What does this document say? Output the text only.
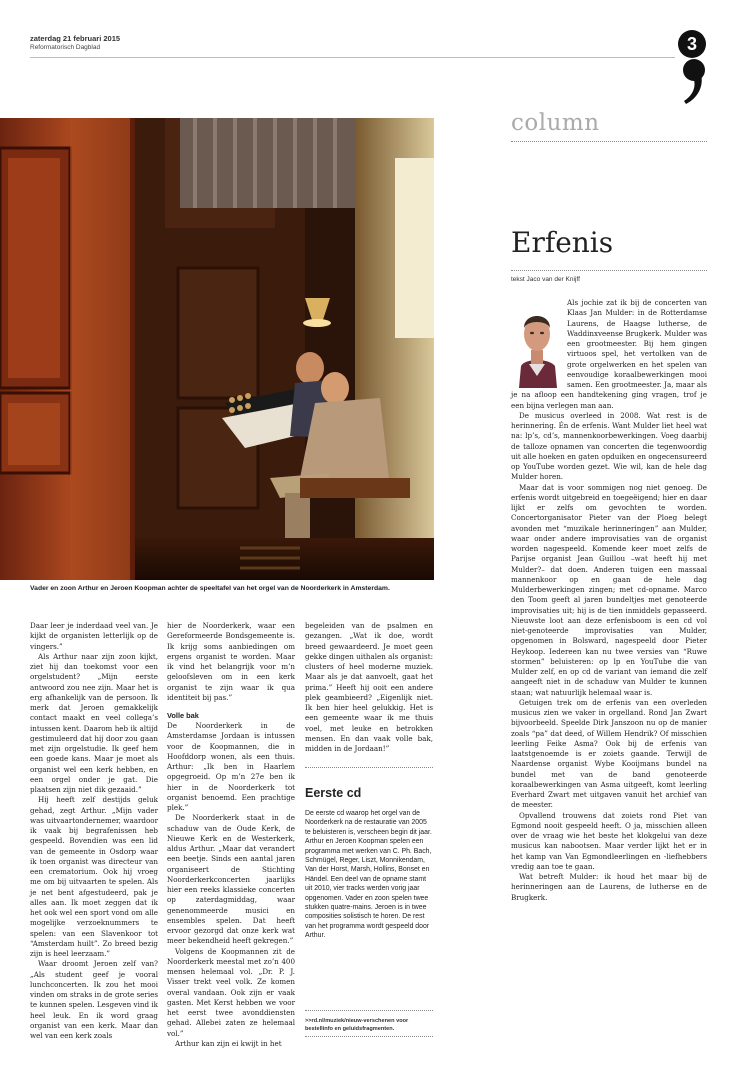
zaterdag 21 februari 2015
Reformatorisch Dagblad	3
Vader en zoon Arthur en Jeroen Koopman achter de speeltafel van het orgel van de Noorderkerk in Amsterdam.

Daar leer je inderdaad veel van. Je kijkt de organisten letterlijk op de vingers.”

Als Arthur naar zijn zoon kijkt, ziet hij dan toekomst voor een orgelstudent? „Mijn eerste antwoord zou nee zijn. Maar het is erg afhankelijk van de persoon. Ik merk dat Jeroen gemakkelijk contact maakt en veel collega’s intussen kent. Daarom heb ik altijd gestimuleerd dat hij door zou gaan met zijn orgelstudie. Ik geef hem een goede kans. Maar je moet als organist wel een kerk hebben, en een orgel onder je gat. Die plaatsen zijn niet dik gezaaid.”

Hij heeft zelf destijds geluk gehad, zegt Arthur. „Mijn vader was uitvaartondernemer, waardoor ik vaak bij begrafenissen heb gespeeld. Bovendien was een lid van de gemeente in Osdorp waar ik toen organist was directeur van een crematorium. Ook hij vroeg me om bij uitvaarten te spelen. Als je net bent afgestudeerd, pak je alles aan. Ik moet zeggen dat ik het ook wel een sport vond om alle mogelijke verzoeknummers te spelen: van een Slavenkoor tot “Amsterdam huilt”. Zo breed bezig zijn is heel leerzaam.”

Waar droomt Jeroen zelf van? „Als student geef je vooral lunchconcerten. Ik zou het mooi vinden om straks in de grote series te kunnen spelen. Lesgeven vind ik heel leuk. En ik word graag organist van een kerk. Maar dan wel van een kerk zoals

hier de Noorderkerk, waar een Gereformeerde Bondsgemeente is. Ik krijg soms aanbiedingen om ergens organist te worden. Maar ik vind het belangrijk voor m’n geloofsleven om in een kerk organist te zijn waar ik qua identiteit bij pas.”

Volle bak

De Noorderkerk in de Amsterdamse Jordaan is intussen voor de Koopmannen, die in Hoofddorp wonen, als een thuis. Arthur: „Ik ben in Haarlem opgegroeid. Op m’n 27e ben ik hier in de Noorderkerk tot organist benoemd. Een prachtige plek.”

De Noorderkerk staat in de schaduw van de Oude Kerk, de Nieuwe Kerk en de Westerkerk, aldus Arthur. „Maar dat verandert een beetje. Sinds een aantal jaren organiseert de Stichting Noorderkerkconcerten jaarlijks hier een reeks klassieke concerten op zaterdagmiddag, waar genenommeerde musici en ensembles spelen. Dat heeft ervoor gezorgd dat onze kerk wat meer bekendheid heeft gekregen.”

Volgens de Koopmannen zit de Noorderkerk meestal met zo’n 400 mensen helemaal vol. „Dr. P. J. Visser trekt veel volk. Ze komen overal vandaan. Ook zijn er vaak gasten. Met Kerst hebben we voor het eerst twee avonddiensten gehad. Allebei zaten ze helemaal vol.”

Arthur kan zijn ei kwijt in het

begeleiden van de psalmen en gezangen. „Wat ik doe, wordt breed gewaardeerd. Je moet geen gekke dingen uithalen als organist: clusters of heel moderne muziek. Maar als je dat aanvoelt, gaat het prima.” Heeft hij ooit een andere plek geambieerd? „Eigenlijk niet. Ik ben hier heel gelukkig. Het is een gemeente waar ik me thuis voel, met leuke en betrokken mensen. En dan vaak volle bak, midden in de Jordaan!”

Eerste cd
De eerste cd waarop het orgel van de Noorderkerk na de restauratie van 2005 te beluisteren is, verscheen begin dit jaar. Arthur en Jeroen Koopman spelen een programma met werken van C. Ph. Bach, Schmügel, Reger, Liszt, Monnikendam, Van der Horst, Marsh, Hollins, Bonset en Händel. Een deel van de opname stamt uit 2010, vier tracks werden vorig jaar opgenomen. Vader en zoon spelen twee stukken quatre-mains. Jeroen is in twee composities solistisch te horen. De rest van het programma wordt gespeeld door Arthur.
>>rd.nl/muziek/nieuw-verschenen voor bestellinfo en geluidsfragmenten.
column
Erfenis
tekst Jaco van der Knijff

Als jochie zat ik bij de concerten van Klaas Jan Mulder: in de Rotterdamse Laurens, de Haagse lutherse, de Waddinxveense Brugkerk. Mulder was een grootmeester. Bij hem gingen virtuoos spel, het vertolken van de grote orgelwerken en het spelen van eenvoudige koraalbewerkingen mooi samen. Een grootmeester. Ja, maar als je na afloop een handtekening ging vragen, trof je een bijna verlegen man aan.

De musicus overleed in 2008. Wat rest is de herinnering. Én de erfenis. Want Mulder liet heel wat na: lp’s, cd’s, mannenkoorbewerkingen. Voeg daarbij de talloze opnamen van concerten die tegenwoordig uit alle hoeken en gaten opduiken en ongecensureerd op YouTube worden gezet. Wie wil, kan de hele dag Mulder horen.

Maar dat is voor sommigen nog niet genoeg. De erfenis wordt uitgebreid en toegeëigend; hier en daar lijkt er zelfs om gevochten te worden. Concertorganisator Pieter van der Ploeg belegt avonden met “muzikale herinneringen” aan Mulder, waar onder andere improvisaties van de organist worden nagespeeld. Komende keer moet zelfs de Parijse organist Jean Guillou –wat heeft hij met Mulder?– dat doen. Anderen tuigen een massaal mannenkoor op en gaan de hele dag Mulderbewerkingen zingen; met cd-opname. Marco den Toom geeft al jaren bundeltjes met genoteerde improvisaties uit; hij is de tien inmiddels gepasseerd. Nieuwste loot aan deze erfenisboom is een cd vol niet-genoteerde improvisaties van Mulder, opgenomen in Bolsward, nagespeeld door Pieter Heykoop. Iedereen kan nu twee versies van “Ruwe stormen” beluisteren: op lp en YouTube die van Mulder zelf, en op cd de variant van iemand die zelf aangeeft niet in de schaduw van Mulder te kunnen staan; wat natuurlijk helemaal waar is.

Getuigen trek om de erfenis van een overleden musicus zien we vaker in orgelland. Rond Jan Zwart bijvoorbeeld. Speelde Dirk Janszoon nu op de manier zoals “pa” dat deed, of Willem Hendrik? Of misschien leerling Feike Asma? Ook bij de erfenis van laatstgenoemde is er zoiets gaande. Terwijl de Naardense organist Wybe Kooijmans bundel na bundel met van de band genoteerde koraalbewerkingen van Asma uitgeeft, komt leerling Everhard Zwart met uitgaven vanuit het archief van de meester.

Opvallend trouwens dat zoiets rond Piet van Egmond nooit gespeeld heeft. O ja, misschien alleen over de vraag wie het beste het klokgelui van deze musicus kan nabootsen. Maar verder lijkt het er in het kamp van Van Egmondleerlingen en -liefhebbers vredig aan toe te gaan.

Wat betreft Mulder: ik houd het maar bij de herinneringen aan de Laurens, de lutherse en de Brugkerk.
